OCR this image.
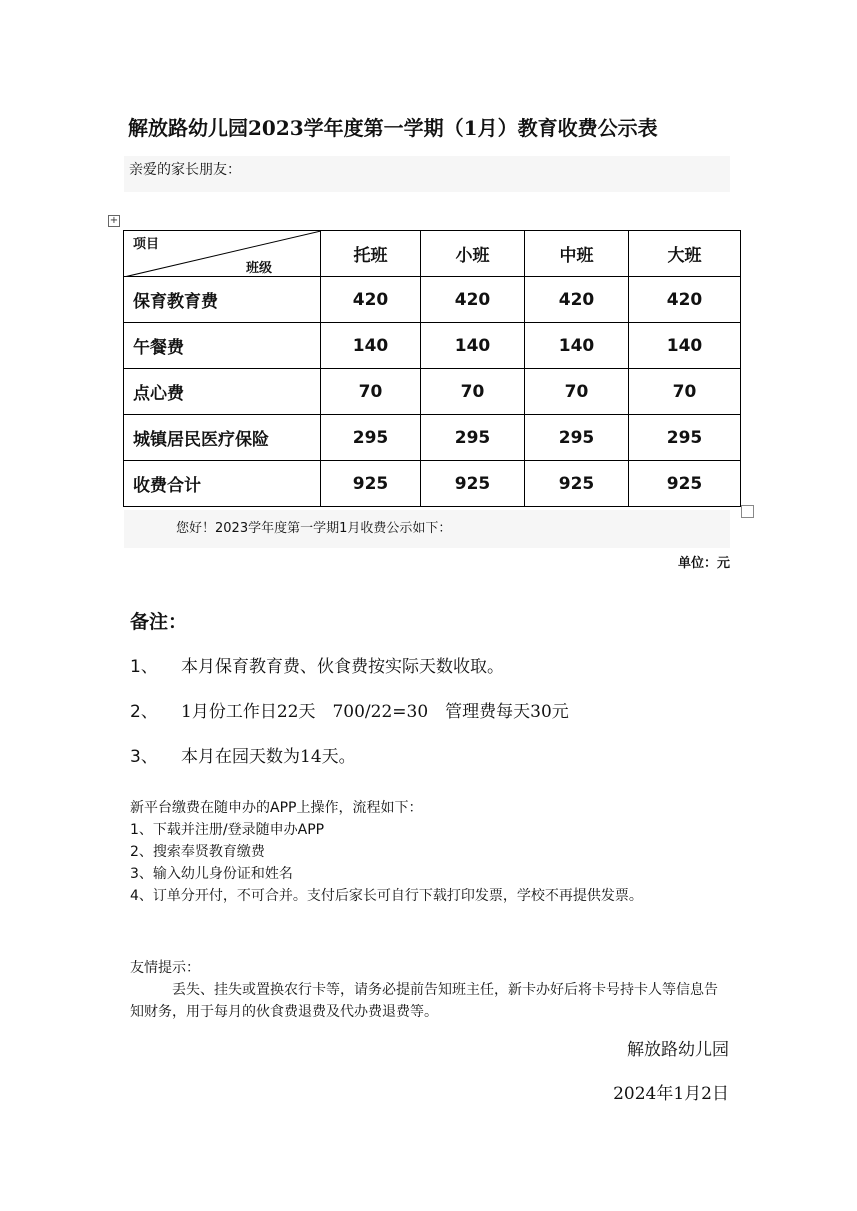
解放路幼儿园2023学年度第一学期（1月）教育收费公示表
亲爱的家长朋友：
+
项目
班级	托班	小班	中班	大班
保育教育费	420	420	420	420
午餐费	140	140	140	140
点心费	70	70	70	70
城镇居民医疗保险	295	295	295	295
收费合计	925	925	925	925
您好！2023学年度第一学期1月收费公示如下：
单位：元
备注：
1、 本月保育教育费、伙食费按实际天数收取。
2、 1月份工作日22天　700/22=30　管理费每天30元
3、 本月在园天数为14天。
新平台缴费在随申办的APP上操作，流程如下：
1、下载并注册/登录随申办APP
2、搜索奉贤教育缴费
3、输入幼儿身份证和姓名
4、订单分开付，不可合并。支付后家长可自行下载打印发票，学校不再提供发票。
友情提示：
丢失、挂失或置换农行卡等，请务必提前告知班主任，新卡办好后将卡号持卡人等信息告知财务，用于每月的伙食费退费及代办费退费等。
解放路幼儿园
2024年1月2日
